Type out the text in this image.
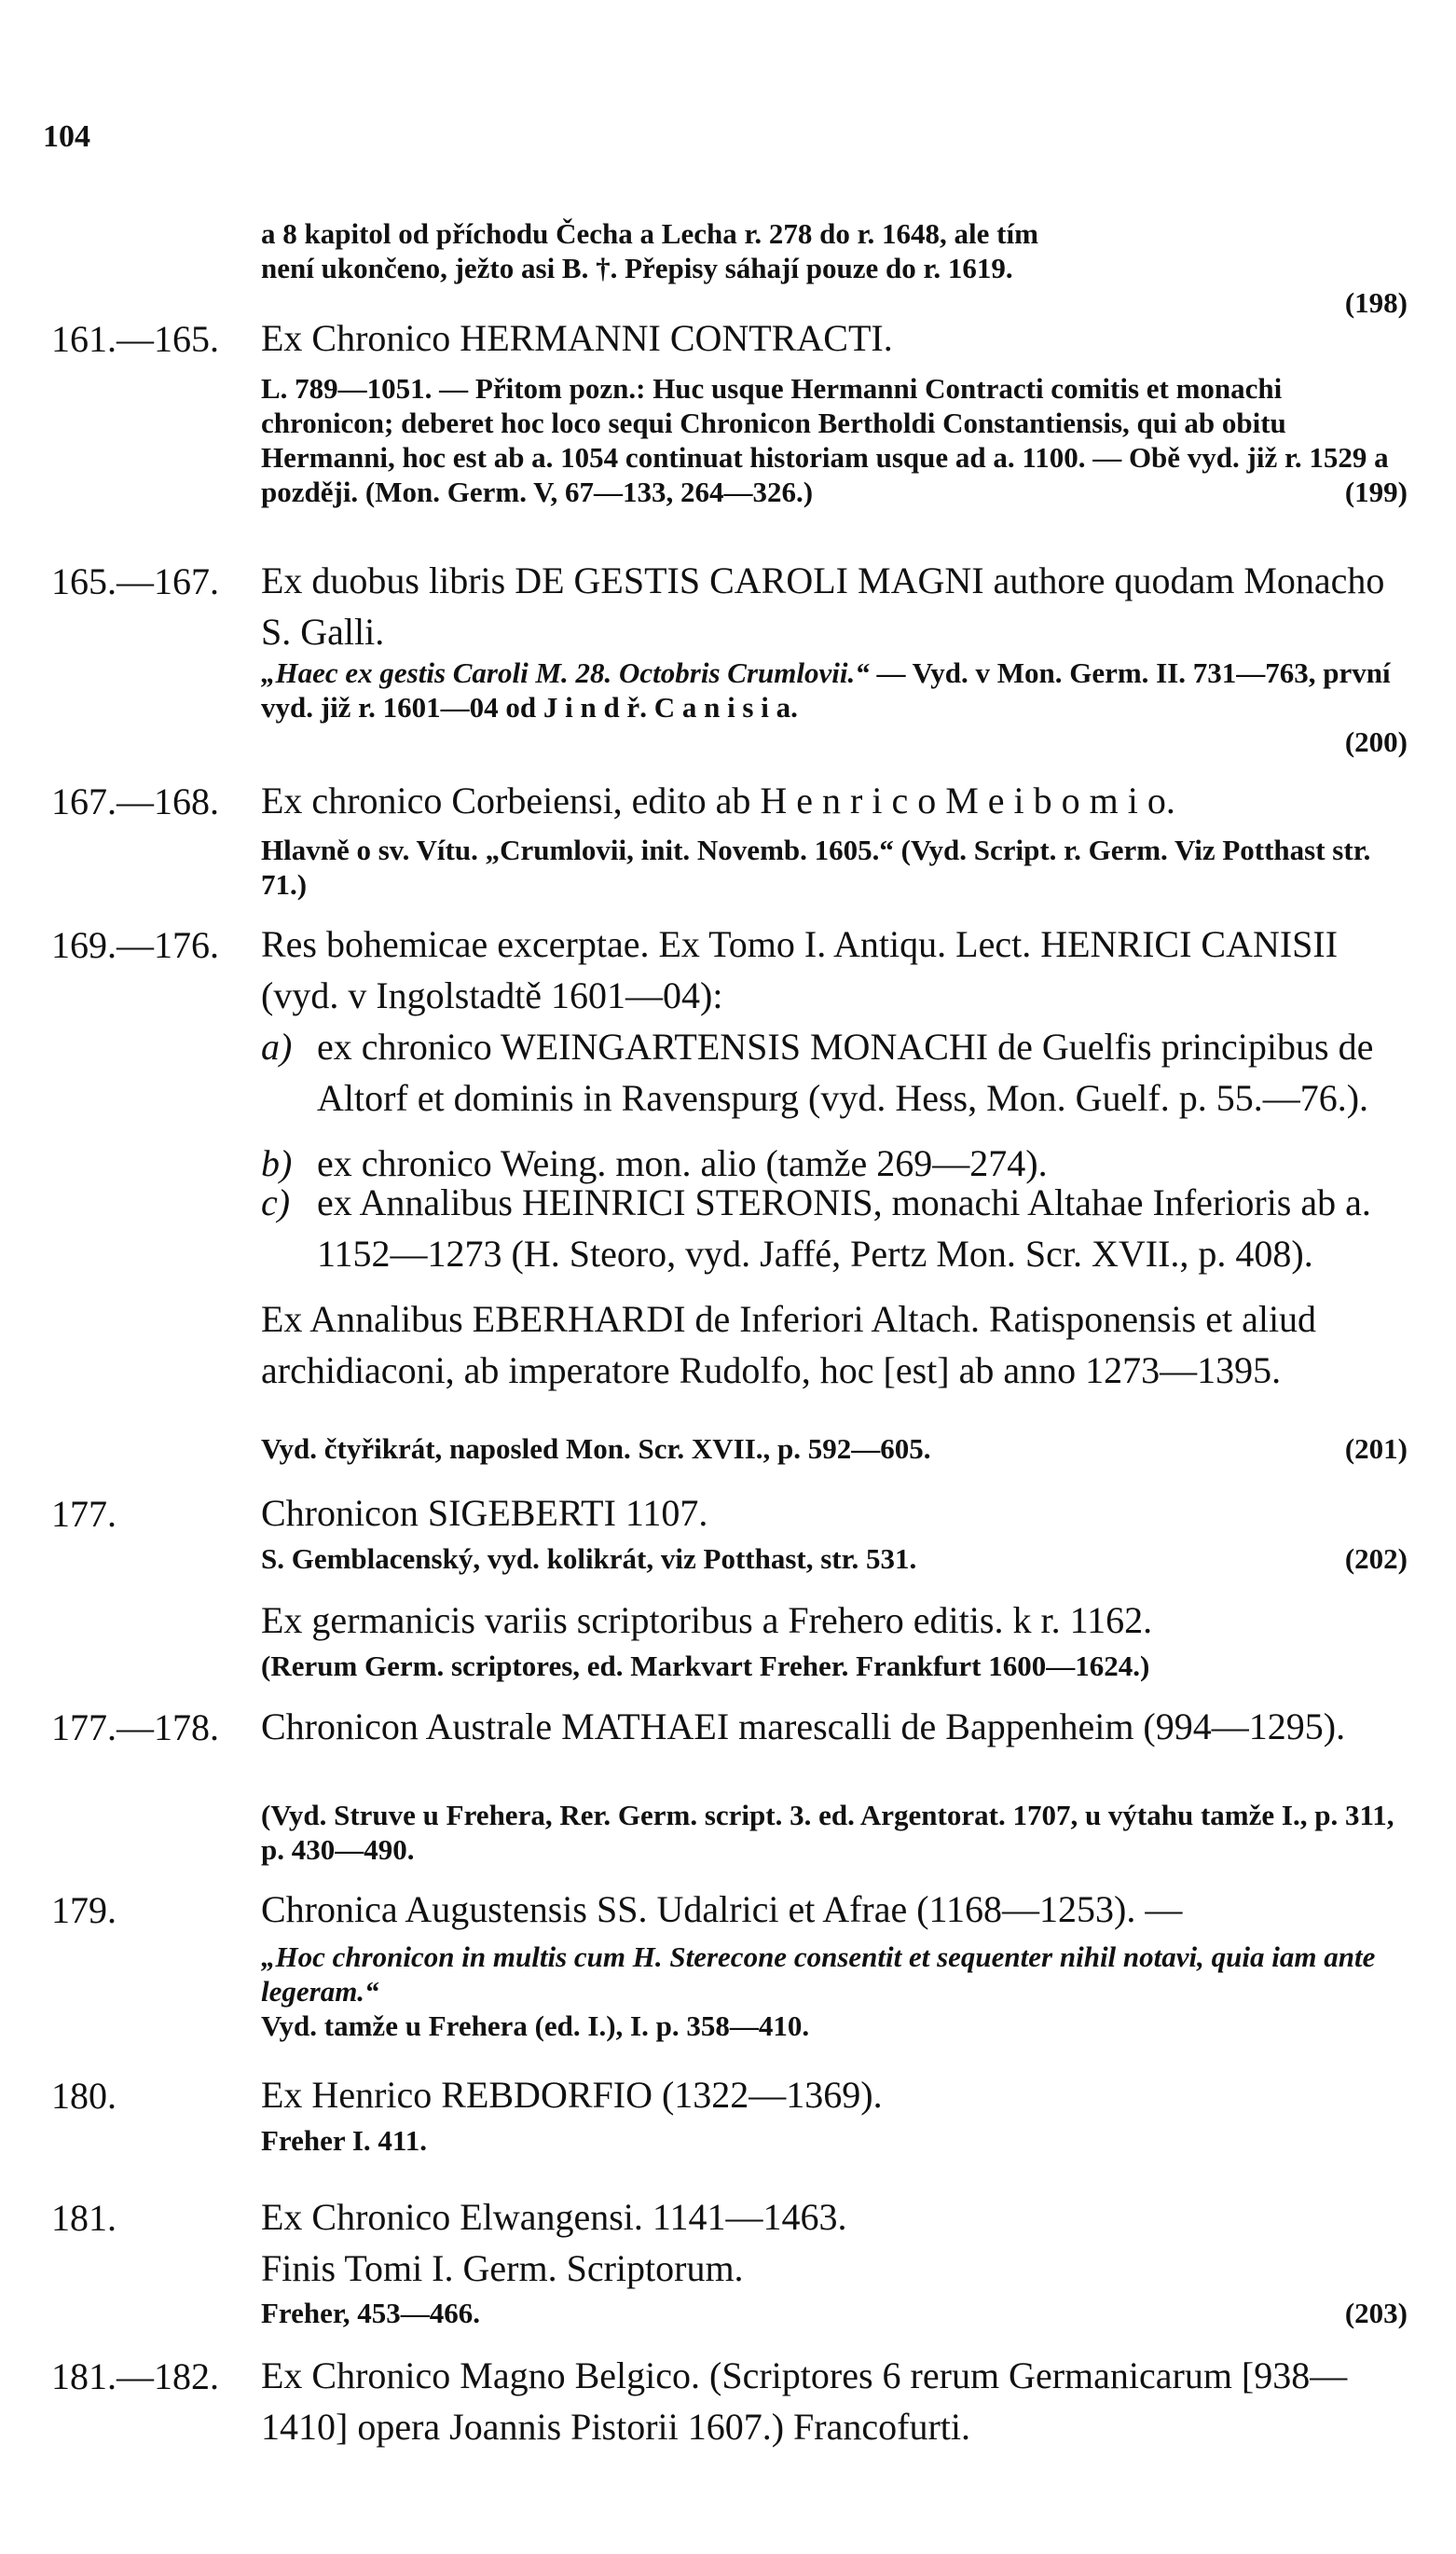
104
a 8 kapitol od příchodu Čecha a Lecha r. 278 do r. 1648, ale tím
není ukončeno, ježto asi B. †. Přepisy sáhají pouze do r. 1619.
(198)
161.—165.	Ex Chronico HERMANNI CONTRACTI.
L. 789—1051. — Přitom pozn.: Huc usque Hermanni Contracti comitis et monachi chronicon; deberet hoc loco sequi Chronicon Bertholdi Constantiensis, qui ab obitu Hermanni, hoc est ab a. 1054 continuat historiam usque ad a. 1100. — Obě vyd. již r. 1529 a později. (Mon. Germ. V, 67—133, 264—326.)	(199)
165.—167.	Ex duobus libris DE GESTIS CAROLI MAGNI authore quodam Monacho S. Galli.
„Haec ex gestis Caroli M. 28. Octobris Crumlovii.“ — Vyd. v Mon. Germ. II. 731—763, první vyd. již r. 1601—04 od J i n d ř. C a n i s i a.
(200)
167.—168.	Ex chronico Corbeiensi, edito ab H e n r i c o M e i b o m i o.
Hlavně o sv. Vítu. „Crumlovii, init. Novemb. 1605.“ (Vyd. Script. r. Germ. Viz Potthast str. 71.)
169.—176.	Res bohemicae excerptae. Ex Tomo I. Antiqu. Lect. HENRICI CANISII (vyd. v Ingolstadtě 1601—04):
a) ex chronico WEINGARTENSIS MONACHI de Guelfis principibus de Altorf et dominis in Ravenspurg (vyd. Hess, Mon. Guelf. p. 55.—76.).
b) ex chronico Weing. mon. alio (tamže 269—274).
c) ex Annalibus HEINRICI STERONIS, monachi Altahae Inferioris ab a. 1152—1273 (H. Steoro, vyd. Jaffé, Pertz Mon. Scr. XVII., p. 408).
Ex Annalibus EBERHARDI de Inferiori Altach. Ratisponensis et aliud archidiaconi, ab imperatore Rudolfo, hoc [est] ab anno 1273—1395.
Vyd. čtyřikrát, naposled Mon. Scr. XVII., p. 592—605.	(201)
177.	Chronicon SIGEBERTI 1107.
S. Gemblacenský, vyd. kolikrát, viz Potthast, str. 531.	(202)
Ex germanicis variis scriptoribus a Frehero editis. k r. 1162.
(Rerum Germ. scriptores, ed. Markvart Freher. Frankfurt 1600—1624.)
177.—178.	Chronicon Australe MATHAEI marescalli de Bappenheim (994—1295).
(Vyd. Struve u Frehera, Rer. Germ. script. 3. ed. Argentorat. 1707, u výtahu tamže I., p. 311, p. 430—490.
179.	Chronica Augustensis SS. Udalrici et Afrae (1168—1253). —
„Hoc chronicon in multis cum H. Sterecone consentit et sequenter nihil notavi, quia iam ante legeram.“
Vyd. tamže u Frehera (ed. I.), I. p. 358—410.
180.	Ex Henrico REBDORFIO (1322—1369).
Freher I. 411.
181.	Ex Chronico Elwangensi. 1141—1463.
Finis Tomi I. Germ. Scriptorum.
Freher, 453—466.	(203)
181.—182.	Ex Chronico Magno Belgico. (Scriptores 6 rerum Germanicarum [938—1410] opera Joannis Pistorii 1607.) Francofurti.
